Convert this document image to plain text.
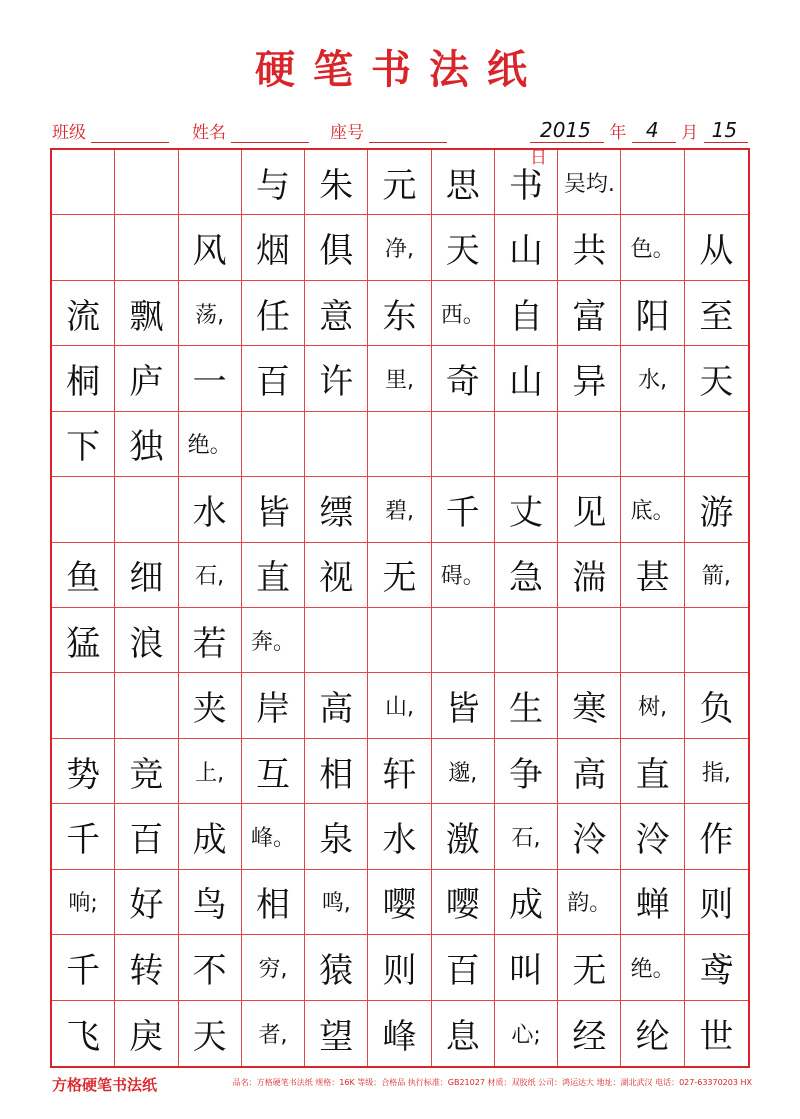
硬笔书法纸
班级	姓名	座号	2015 年 4 月 15
日
与 朱 元 思 书 吴均.
风 烟 俱 净, 天 山 共 色。 从
流 飘 荡, 任 意 东 西。 自 富 阳 至
桐 庐 一 百 许 里, 奇 山 异 水, 天
下 独 绝。
水 皆 缥 碧, 千 丈 见 底。 游
鱼 细 石, 直 视 无 碍。 急 湍 甚 箭,
猛 浪 若 奔。
夹 岸 高 山, 皆 生 寒 树, 负
势 竞 上, 互 相 轩 邈, 争 高 直 指,
千 百 成 峰。 泉 水 激 石, 泠 泠 作
响; 好 鸟 相 鸣, 嘤 嘤 成 韵。 蝉 则
千 转 不 穷, 猿 则 百 叫 无 绝。 鸢
飞 戾 天 者, 望 峰 息 心; 经 纶 世
方格硬笔书法纸	品名：方格硬笔书法纸 规格：16K 等级：合格品 执行标准：GB21027 材质：双胶纸 公司：鸿运达大 地址：湖北武汉 电话：027-63370203 HX
